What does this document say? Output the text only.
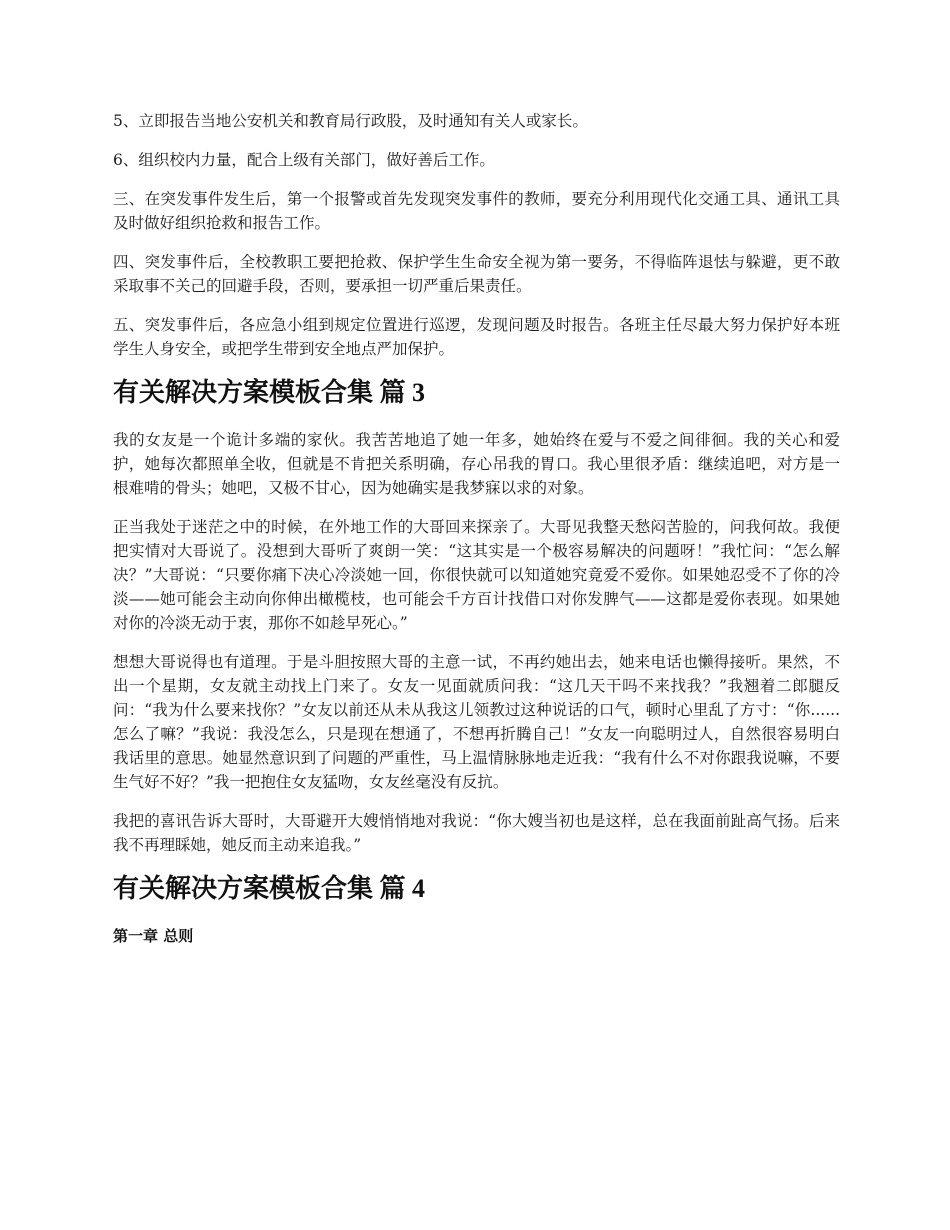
5、立即报告当地公安机关和教育局行政股，及时通知有关人或家长。

6、组织校内力量，配合上级有关部门，做好善后工作。

三、在突发事件发生后，第一个报警或首先发现突发事件的教师，要充分利用现代化交通工具、通讯工具及时做好组织抢救和报告工作。

四、突发事件后，全校教职工要把抢救、保护学生生命安全视为第一要务，不得临阵退怯与躲避，更不敢采取事不关己的回避手段，否则，要承担一切严重后果责任。

五、突发事件后，各应急小组到规定位置进行巡逻，发现问题及时报告。各班主任尽最大努力保护好本班学生人身安全，或把学生带到安全地点严加保护。

有关解决方案模板合集 篇 3

我的女友是一个诡计多端的家伙。我苦苦地追了她一年多，她始终在爱与不爱之间徘徊。我的关心和爱护，她每次都照单全收，但就是不肯把关系明确，存心吊我的胃口。我心里很矛盾：继续追吧，对方是一根难啃的骨头；她吧，又极不甘心，因为她确实是我梦寐以求的对象。

正当我处于迷茫之中的时候，在外地工作的大哥回来探亲了。大哥见我整天愁闷苦脸的，问我何故。我便把实情对大哥说了。没想到大哥听了爽朗一笑：“这其实是一个极容易解决的问题呀！”我忙问：“怎么解决？”大哥说：“只要你痛下决心冷淡她一回，你很快就可以知道她究竟爱不爱你。如果她忍受不了你的冷淡——她可能会主动向你伸出橄榄枝，也可能会千方百计找借口对你发脾气——这都是爱你表现。如果她对你的冷淡无动于衷，那你不如趁早死心。”

想想大哥说得也有道理。于是斗胆按照大哥的主意一试，不再约她出去，她来电话也懒得接听。果然，不出一个星期，女友就主动找上门来了。女友一见面就质问我：“这几天干吗不来找我？”我翘着二郎腿反问：“我为什么要来找你？”女友以前还从未从我这儿领教过这种说话的口气，顿时心里乱了方寸：“你......怎么了嘛？”我说：我没怎么，只是现在想通了，不想再折腾自己！”女友一向聪明过人，自然很容易明白我话里的意思。她显然意识到了问题的严重性，马上温情脉脉地走近我：“我有什么不对你跟我说嘛，不要生气好不好？”我一把抱住女友猛吻，女友丝毫没有反抗。

我把的喜讯告诉大哥时，大哥避开大嫂悄悄地对我说：“你大嫂当初也是这样，总在我面前趾高气扬。后来我不再理睬她，她反而主动来追我。”

有关解决方案模板合集 篇 4

第一章 总则
